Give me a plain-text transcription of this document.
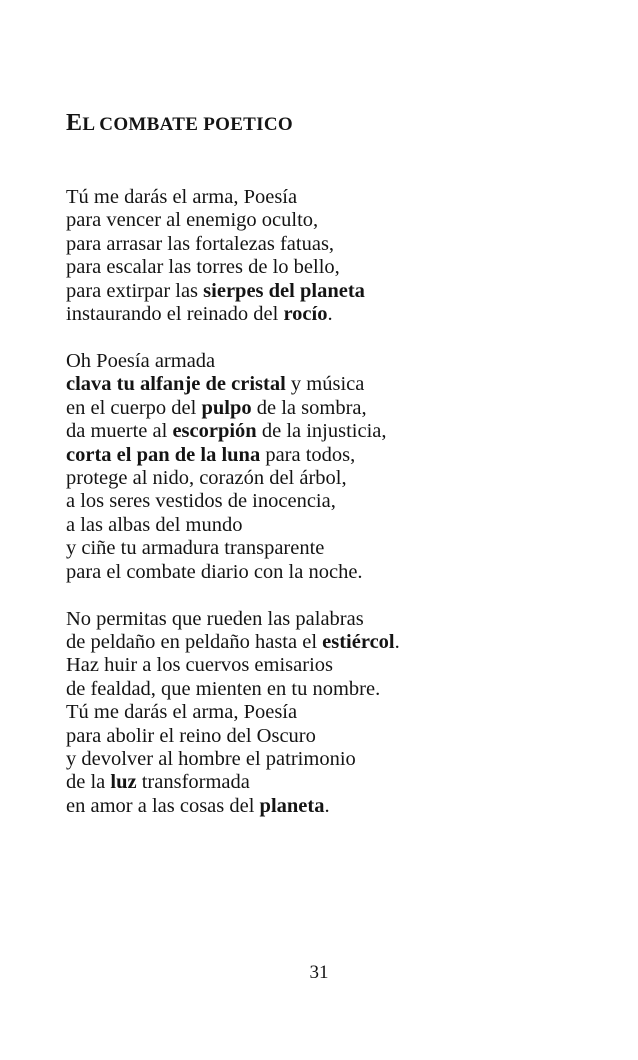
EL COMBATE POETICO
Tú me darás el arma, Poesía
para vencer al enemigo oculto,
para arrasar las fortalezas fatuas,
para escalar las torres de lo bello,
para extirpar las sierpes del planeta
instaurando el reinado del rocío.
Oh Poesía armada
clava tu alfanje de cristal y música
en el cuerpo del pulpo de la sombra,
da muerte al escorpión de la injusticia,
corta el pan de la luna para todos,
protege al nido, corazón del árbol,
a los seres vestidos de inocencia,
a las albas del mundo
y ciñe tu armadura transparente
para el combate diario con la noche.
No permitas que rueden las palabras
de peldaño en peldaño hasta el estiércol.
Haz huir a los cuervos emisarios
de fealdad, que mienten en tu nombre.
Tú me darás el arma, Poesía
para abolir el reino del Oscuro
y devolver al hombre el patrimonio
de la luz transformada
en amor a las cosas del planeta.
31
